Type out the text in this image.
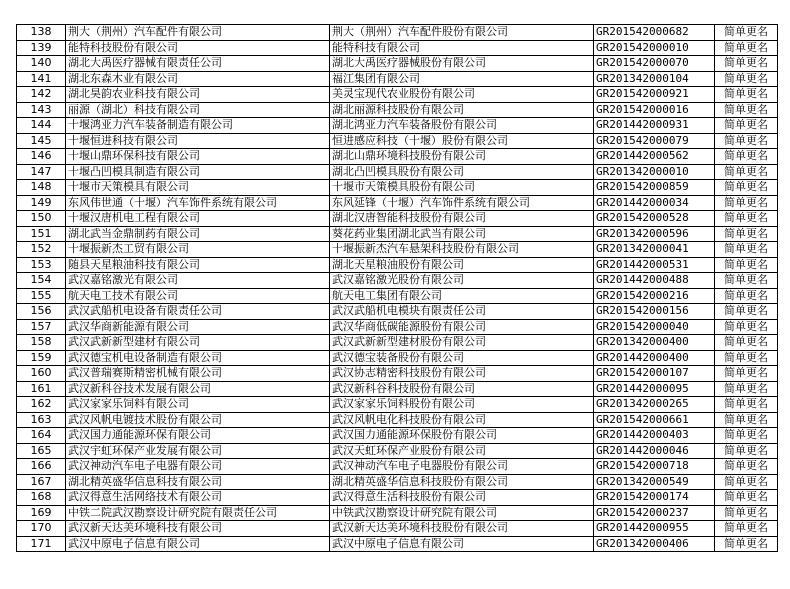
138	荆大（荆州）汽车配件有限公司	荆大（荆州）汽车配件股份有限公司	GR201542000682	简单更名
139	能特科技股份有限公司	能特科技有限公司	GR201542000010	简单更名
140	湖北大禹医疗器械有限责任公司	湖北大禹医疗器械股份有限公司	GR201542000070	简单更名
141	湖北东森木业有限公司	福江集团有限公司	GR201342000104	简单更名
142	湖北昊韵农业科技有限公司	美灵宝现代农业股份有限公司	GR201542000921	简单更名
143	丽源（湖北）科技有限公司	湖北丽源科技股份有限公司	GR201542000016	简单更名
144	十堰鸿亚力汽车装备制造有限公司	湖北鸿亚力汽车装备股份有限公司	GR201442000931	简单更名
145	十堰恒进科技有限公司	恒进感应科技（十堰）股份有限公司	GR201542000079	简单更名
146	十堰山鼎环保科技有限公司	湖北山鼎环境科技股份有限公司	GR201442000562	简单更名
147	十堰凸凹模具制造有限公司	湖北凸凹模具股份有限公司	GR201342000010	简单更名
148	十堰市天策模具有限公司	十堰市天策模具股份有限公司	GR201542000859	简单更名
149	东风伟世通（十堰）汽车饰件系统有限公司	东风延锋（十堰）汽车饰件系统有限公司	GR201442000034	简单更名
150	十堰汉唐机电工程有限公司	湖北汉唐智能科技股份有限公司	GR201542000528	简单更名
151	湖北武当金鼎制药有限公司	葵花药业集团湖北武当有限公司	GR201342000596	简单更名
152	十堰振新杰工贸有限公司	十堰振新杰汽车悬架科技股份有限公司	GR201342000041	简单更名
153	随县天星粮油科技有限公司	湖北天星粮油股份有限公司	GR201442000531	简单更名
154	武汉嘉铭激光有限公司	武汉嘉铭激光股份有限公司	GR201442000488	简单更名
155	航天电工技术有限公司	航天电工集团有限公司	GR201542000216	简单更名
156	武汉武船机电设备有限责任公司	武汉武船机电模块有限责任公司	GR201542000156	简单更名
157	武汉华商新能源有限公司	武汉华商低碳能源股份有限公司	GR201542000040	简单更名
158	武汉武新新型建材有限公司	武汉武新新型建材股份有限公司	GR201342000400	简单更名
159	武汉德宝机电设备制造有限公司	武汉德宝装备股份有限公司	GR201442000400	简单更名
160	武汉普瑞赛斯精密机械有限公司	武汉协志精密科技股份有限公司	GR201542000107	简单更名
161	武汉新科谷技术发展有限公司	武汉新科谷科技股份有限公司	GR201442000095	简单更名
162	武汉家家乐饲料有限公司	武汉家家乐饲料股份有限公司	GR201342000265	简单更名
163	武汉风帆电镀技术股份有限公司	武汉风帆电化科技股份有限公司	GR201542000661	简单更名
164	武汉国力通能源环保有限公司	武汉国力通能源环保股份有限公司	GR201442000403	简单更名
165	武汉宇虹环保产业发展有限公司	武汉天虹环保产业股份有限公司	GR201442000046	简单更名
166	武汉神动汽车电子电器有限公司	武汉神动汽车电子电器股份有限公司	GR201542000718	简单更名
167	湖北精英盛华信息科技有限公司	湖北精英盛华信息科技股份有限公司	GR201342000549	简单更名
168	武汉得意生活网络技术有限公司	武汉得意生活科技股份有限公司	GR201542000174	简单更名
169	中铁二院武汉勘察设计研究院有限责任公司	中铁武汉勘察设计研究院有限公司	GR201542000237	简单更名
170	武汉新天达美环境科技有限公司	武汉新天达美环境科技股份有限公司	GR201442000955	简单更名
171	武汉中原电子信息有限公司	武汉中原电子信息有限公司	GR201342000406	简单更名
